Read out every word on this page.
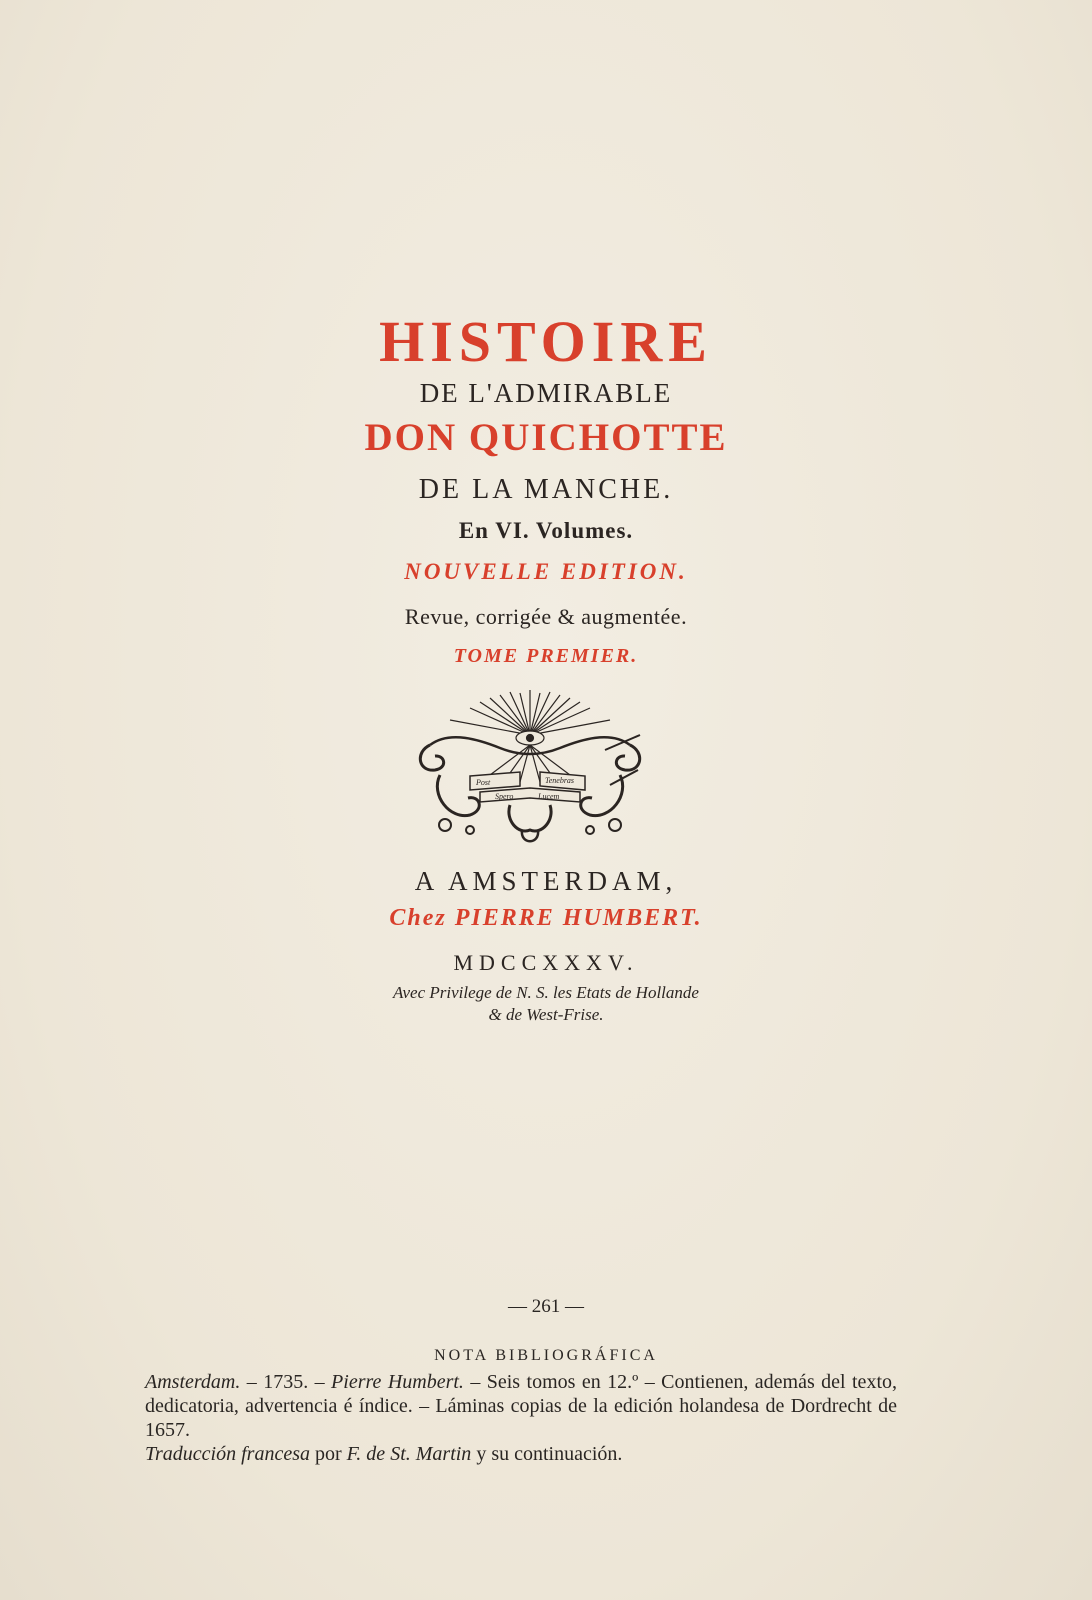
HISTOIRE
DE L'ADMIRABLE
DON QUICHOTTE
DE LA MANCHE.
En VI. Volumes.
NOUVELLE EDITION.
Revue, corrigée & augmentée.
TOME PREMIER.
Post	Tenebras
Spero	Lucem
A AMSTERDAM,
Chez PIERRE HUMBERT.
MDCCXXXV.
Avec Privilege de N. S. les Etats de Hollande
& de West-Frise.
— 261 —
NOTA BIBLIOGRÁFICA

Amsterdam. – 1735. – Pierre Humbert. – Seis tomos en 12.º – Contienen, además del texto, dedicatoria, advertencia é índice. – Láminas copias de la edición holandesa de Dordrecht de 1657.

Traducción francesa por F. de St. Martin y su continuación.
